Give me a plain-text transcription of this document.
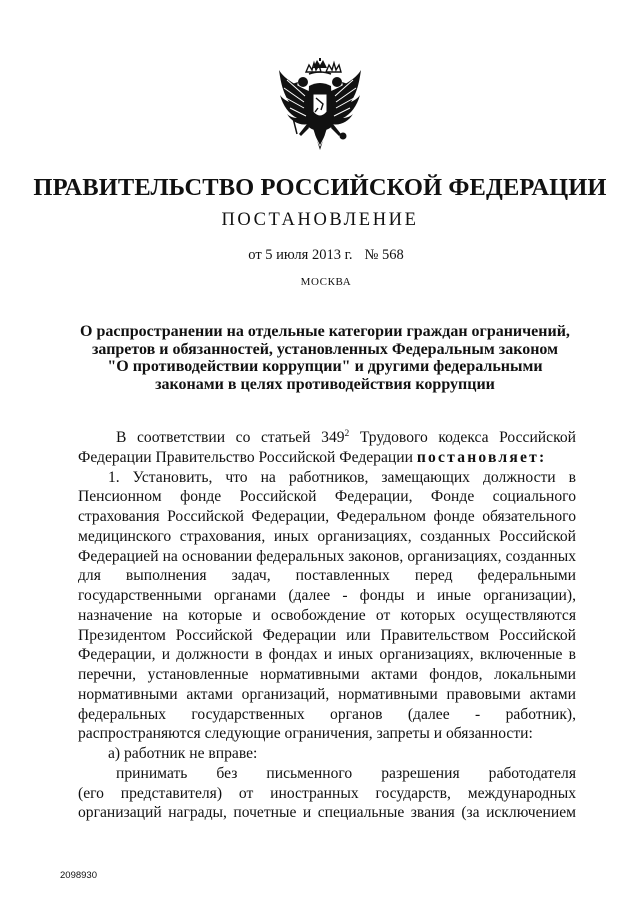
ПРАВИТЕЛЬСТВО РОССИЙСКОЙ ФЕДЕРАЦИИ
ПОСТАНОВЛЕНИЕ
от 5 июля 2013 г. № 568
МОСКВА
О распространении на отдельные категории граждан ограничений,
запретов и обязанностей, установленных Федеральным законом
"О противодействии коррупции" и другими федеральными
законами в целях противодействия коррупции
В соответствии со статьей $349^2$ Трудового кодекса Российской
Федерации Правительство Российской Федерации постановляет:
1. Установить, что на работников, замещающих должности в
Пенсионном фонде Российской Федерации, Фонде социального
страхования Российской Федерации, Федеральном фонде обязательного
медицинского страхования, иных организациях, созданных Российской
Федерацией на основании федеральных законов, организациях, созданных
для выполнения задач, поставленных перед федеральными
государственными органами (далее - фонды и иные организации),
назначение на которые и освобождение от которых осуществляются
Президентом Российской Федерации или Правительством Российской
Федерации, и должности в фондах и иных организациях, включенные в
перечни, установленные нормативными актами фондов, локальными
нормативными актами организаций, нормативными правовыми актами
федеральных государственных органов (далее - работник),
распространяются следующие ограничения, запреты и обязанности:
а) работник не вправе:
принимать без письменного разрешения работодателя
(его представителя) от иностранных государств, международных
организаций награды, почетные и специальные звания (за исключением
2098930
